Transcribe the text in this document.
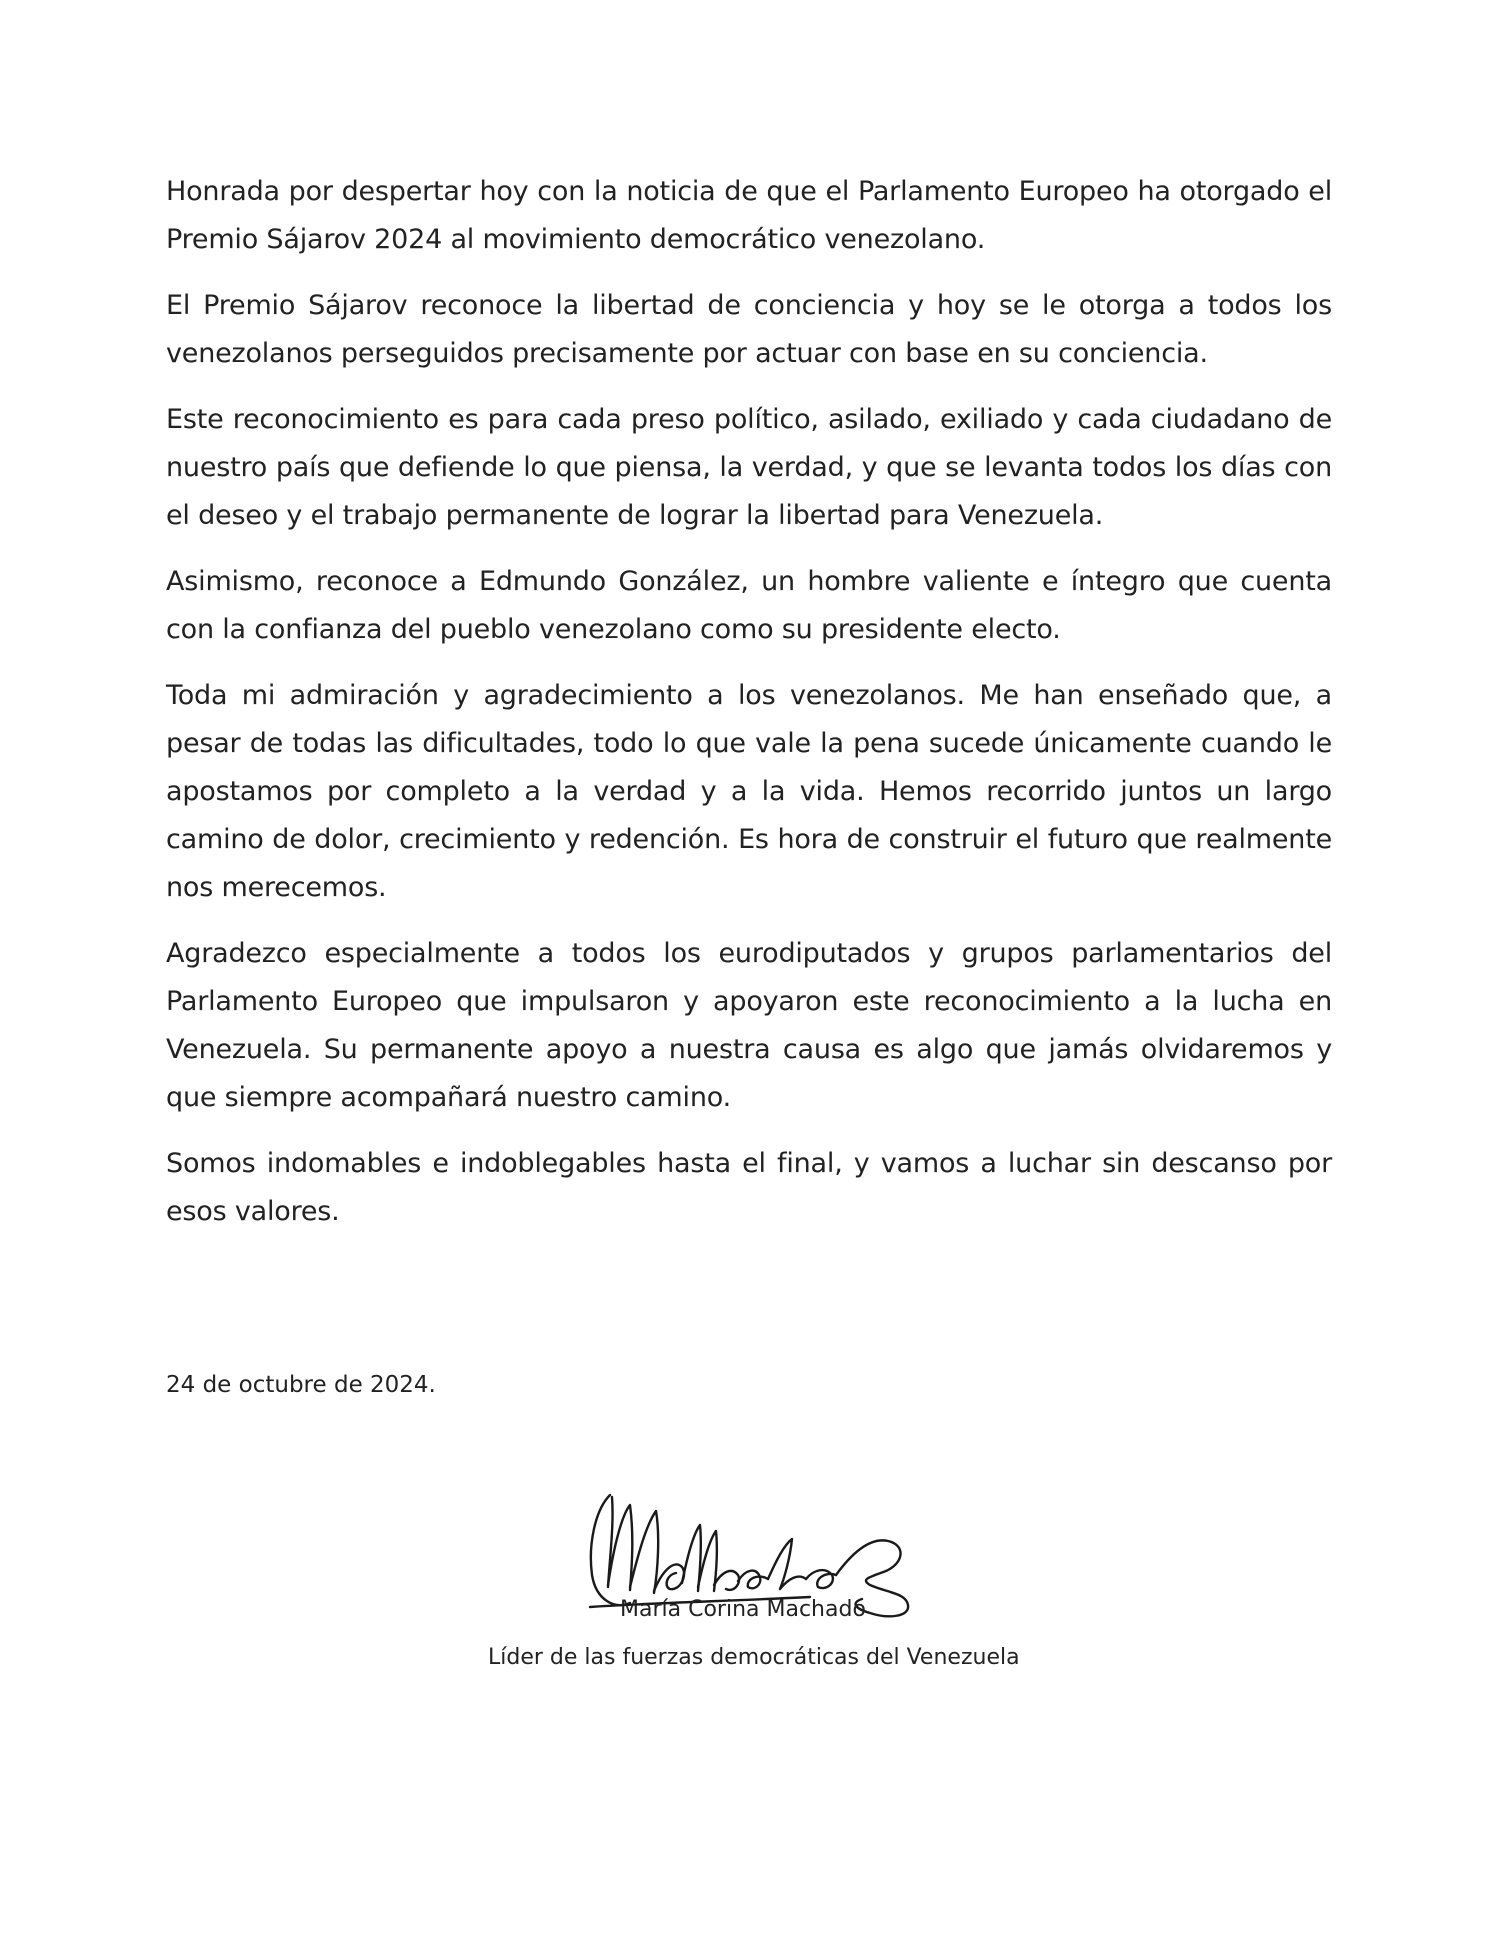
Honrada por despertar hoy con la noticia de que el Parlamento Europeo ha otorgado el Premio Sájarov 2024 al movimiento democrático venezolano.

El Premio Sájarov reconoce la libertad de conciencia y hoy se le otorga a todos los venezolanos perseguidos precisamente por actuar con base en su conciencia.

Este reconocimiento es para cada preso político, asilado, exiliado y cada ciudadano de nuestro país que defiende lo que piensa, la verdad, y que se levanta todos los días con el deseo y el trabajo permanente de lograr la libertad para Venezuela.

Asimismo, reconoce a Edmundo González, un hombre valiente e íntegro que cuenta con la confianza del pueblo venezolano como su presidente electo.

Toda mi admiración y agradecimiento a los venezolanos. Me han enseñado que, a pesar de todas las dificultades, todo lo que vale la pena sucede únicamente cuando le apostamos por completo a la verdad y a la vida. Hemos recorrido juntos un largo camino de dolor, crecimiento y redención. Es hora de construir el futuro que realmente nos merecemos.

Agradezco especialmente a todos los eurodiputados y grupos parlamentarios del Parlamento Europeo que impulsaron y apoyaron este reconocimiento a la lucha en Venezuela. Su permanente apoyo a nuestra causa es algo que jamás olvidaremos y que siempre acompañará nuestro camino.

Somos indomables e indoblegables hasta el final, y vamos a luchar sin descanso por esos valores.

24 de octubre de 2024.

María Corina Machado

Líder de las fuerzas democráticas del Venezuela
